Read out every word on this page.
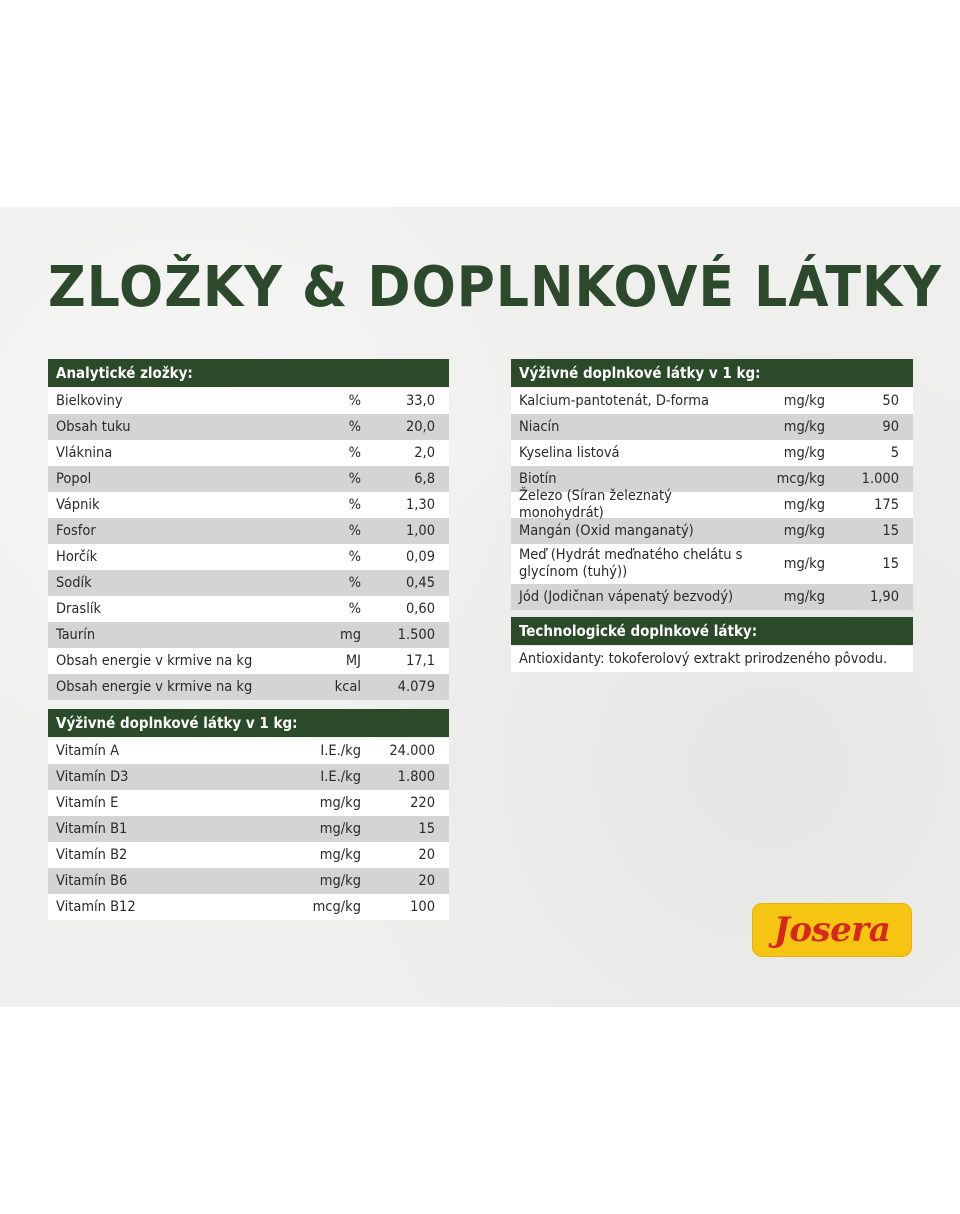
ZLOŽKY & DOPLNKOVÉ LÁTKY
Analytické zložky:
Bielkoviny	%	33,0
Obsah tuku	%	20,0
Vláknina	%	2,0
Popol	%	6,8
Vápnik	%	1,30
Fosfor	%	1,00
Horčík	%	0,09
Sodík	%	0,45
Draslík	%	0,60
Taurín	mg	1.500
Obsah energie v krmive na kg	MJ	17,1
Obsah energie v krmive na kg	kcal	4.079
Výživné doplnkové látky v 1 kg:
Vitamín A	I.E./kg	24.000
Vitamín D3	I.E./kg	1.800
Vitamín E	mg/kg	220
Vitamín B1	mg/kg	15
Vitamín B2	mg/kg	20
Vitamín B6	mg/kg	20
Vitamín B12	mcg/kg	100
Výživné doplnkové látky v 1 kg:
Kalcium-pantotenát, D-forma	mg/kg	50
Niacín	mg/kg	90
Kyselina listová	mg/kg	5
Biotín	mcg/kg	1.000
Železo (Síran železnatý monohydrát)	mg/kg	175
Mangán (Oxid manganatý)	mg/kg	15
Meď (Hydrát meďnatého chelátu s glycínom (tuhý))	mg/kg	15
Jód (Jodičnan vápenatý bezvodý)	mg/kg	1,90
Technologické doplnkové látky:
Antioxidanty: tokoferolový extrakt prirodzeného pôvodu.
Josera
